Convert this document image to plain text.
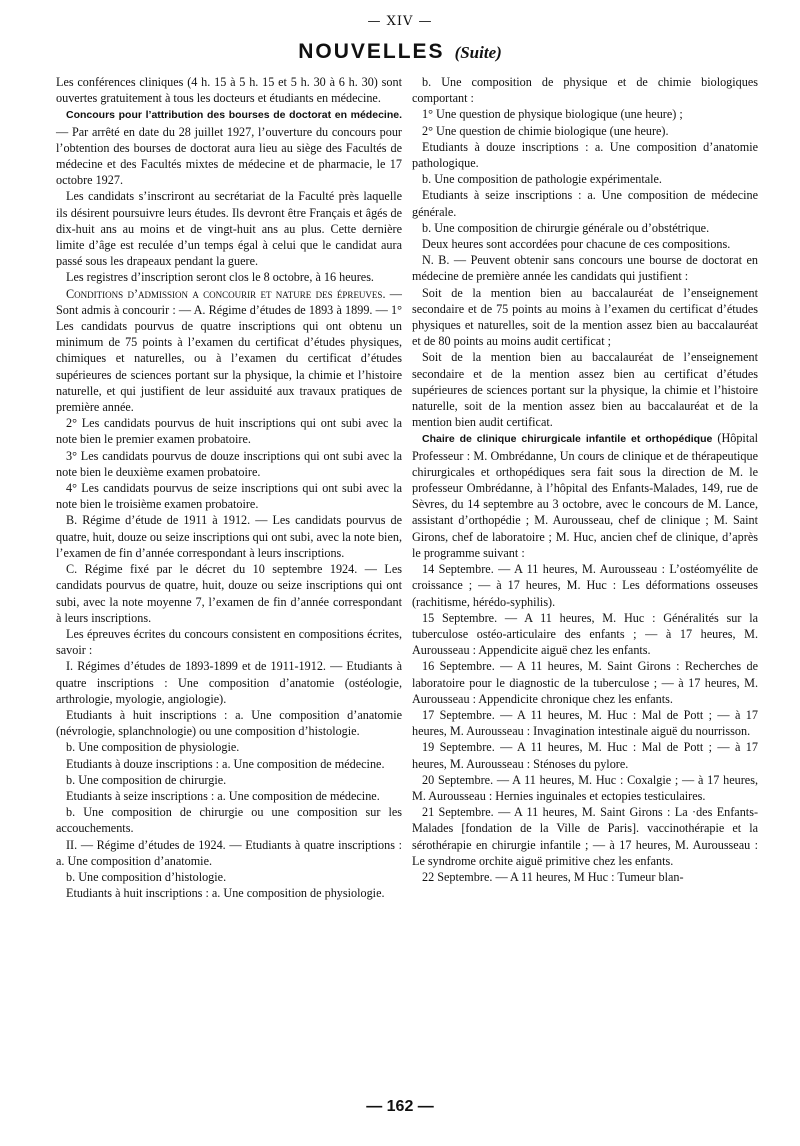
— XIV —
NOUVELLES (Suite)

Les conférences cliniques (4 h. 15 à 5 h. 15 et 5 h. 30 à 6 h. 30) sont ouvertes gratuitement à tous les docteurs et étudiants en médecine.

Concours pour l’attribution des bourses de doctorat en médecine. — Par arrêté en date du 28 juillet 1927, l’ouverture du concours pour l’obtention des bourses de doctorat aura lieu au siège des Facultés de médecine et des Facultés mixtes de médecine et de pharmacie, le 17 octobre 1927.

Les candidats s’inscriront au secrétariat de la Faculté près laquelle ils désirent poursuivre leurs études. Ils devront être Français et âgés de dix-huit ans au moins et de vingt-huit ans au plus. Cette dernière limite d’âge est reculée d’un temps égal à celui que le candidat aura passé sous les drapeaux pendant la guere.

Les registres d’inscription seront clos le 8 octobre, à 16 heures.

Conditions d’admission a concourir et nature des épreuves. — Sont admis à concourir : — A. Régime d’études de 1893 à 1899. — 1° Les candidats pourvus de quatre inscriptions qui ont obtenu un minimum de 75 points à l’examen du certificat d’études physiques, chimiques et naturelles, ou à l’examen du certificat d’études supérieures de sciences portant sur la physique, la chimie et l’histoire naturelle, et qui justifient de leur assiduité aux travaux pratiques de première année.

2° Les candidats pourvus de huit inscriptions qui ont subi avec la note bien le premier examen probatoire.

3° Les candidats pourvus de douze inscriptions qui ont subi avec la note bien le deuxième examen probatoire.

4° Les candidats pourvus de seize inscriptions qui ont subi avec la note bien le troisième examen probatoire.

B. Régime d’étude de 1911 à 1912. — Les candidats pourvus de quatre, huit, douze ou seize inscriptions qui ont subi, avec la note bien, l’examen de fin d’année correspondant à leurs inscriptions.

C. Régime fixé par le décret du 10 septembre 1924. — Les candidats pourvus de quatre, huit, douze ou seize inscriptions qui ont subi, avec la note moyenne 7, l’examen de fin d’année correspondant à leurs inscriptions.

Les épreuves écrites du concours consistent en compositions écrites, savoir :

I. Régimes d’études de 1893-1899 et de 1911-1912. — Etudiants à quatre inscriptions : Une composition d’anatomie (ostéologie, arthrologie, myologie, angiologie).

Etudiants à huit inscriptions : a. Une composition d’anatomie (névrologie, splanchnologie) ou une composition d’histologie.

b. Une composition de physiologie.

Etudiants à douze inscriptions : a. Une composition de médecine.

b. Une composition de chirurgie.

Etudiants à seize inscriptions : a. Une composition de médecine.

b. Une composition de chirurgie ou une composition sur les accouchements.

II. — Régime d’études de 1924. — Etudiants à quatre inscriptions : a. Une composition d’anatomie.

b. Une composition d’histologie.

Etudiants à huit inscriptions : a. Une composition de physiologie.

b. Une composition de physique et de chimie biologiques comportant :

1° Une question de physique biologique (une heure) ;

2° Une question de chimie biologique (une heure).

Etudiants à douze inscriptions : a. Une composition d’anatomie pathologique.

b. Une composition de pathologie expérimentale.

Etudiants à seize inscriptions : a. Une composition de médecine générale.

b. Une composition de chirurgie générale ou d’obstétrique.

Deux heures sont accordées pour chacune de ces compositions.

N. B. — Peuvent obtenir sans concours une bourse de doctorat en médecine de première année les candidats qui justifient :

Soit de la mention bien au baccalauréat de l’enseignement secondaire et de 75 points au moins à l’examen du certificat d’études physiques et naturelles, soit de la mention assez bien au baccalauréat et de 80 points au moins audit certificat ;

Soit de la mention bien au baccalauréat de l’enseignement secondaire et de la mention assez bien au certificat d’études supérieures de sciences portant sur la physique, la chimie et l’histoire naturelle, soit de la mention assez bien au baccalauréat et de la mention bien audit certificat.

Chaire de clinique chirurgicale infantile et orthopédique (Hôpital Professeur : M. Ombrédanne, Un cours de clinique et de thérapeutique chirurgicales et orthopédiques sera fait sous la direction de M. le professeur Ombrédanne, à l’hôpital des Enfants-Malades, 149, rue de Sèvres, du 14 septembre au 3 octobre, avec le concours de M. Lance, assistant d’orthopédie ; M. Aurousseau, chef de clinique ; M. Saint Girons, chef de laboratoire ; M. Huc, ancien chef de clinique, d’après le programme suivant :

14 Septembre. — A 11 heures, M. Aurousseau : L’ostéomyélite de croissance ; — à 17 heures, M. Huc : Les déformations osseuses (rachitisme, hérédo-syphilis).

15 Septembre. — A 11 heures, M. Huc : Généralités sur la tuberculose ostéo-articulaire des enfants ; — à 17 heures, M. Aurousseau : Appendicite aiguë chez les enfants.

16 Septembre. — A 11 heures, M. Saint Girons : Recherches de laboratoire pour le diagnostic de la tuberculose ; — à 17 heures, M. Aurousseau : Appendicite chronique chez les enfants.

17 Septembre. — A 11 heures, M. Huc : Mal de Pott ; — à 17 heures, M. Aurousseau : Invagination intestinale aiguë du nourrisson.

19 Septembre. — A 11 heures, M. Huc : Mal de Pott ; — à 17 heures, M. Aurousseau : Sténoses du pylore.

20 Septembre. — A 11 heures, M. Huc : Coxalgie ; — à 17 heures, M. Aurousseau : Hernies inguinales et ectopies testiculaires.

21 Septembre. — A 11 heures, M. Saint Girons : La ·des Enfants-Malades [fondation de la Ville de Paris]. vaccinothérapie et la sérothérapie en chirurgie infantile ; — à 17 heures, M. Aurousseau : Le syndrome orchite aiguë primitive chez les enfants.

22 Septembre. — A 11 heures, M Huc : Tumeur blan-

— 162 —
